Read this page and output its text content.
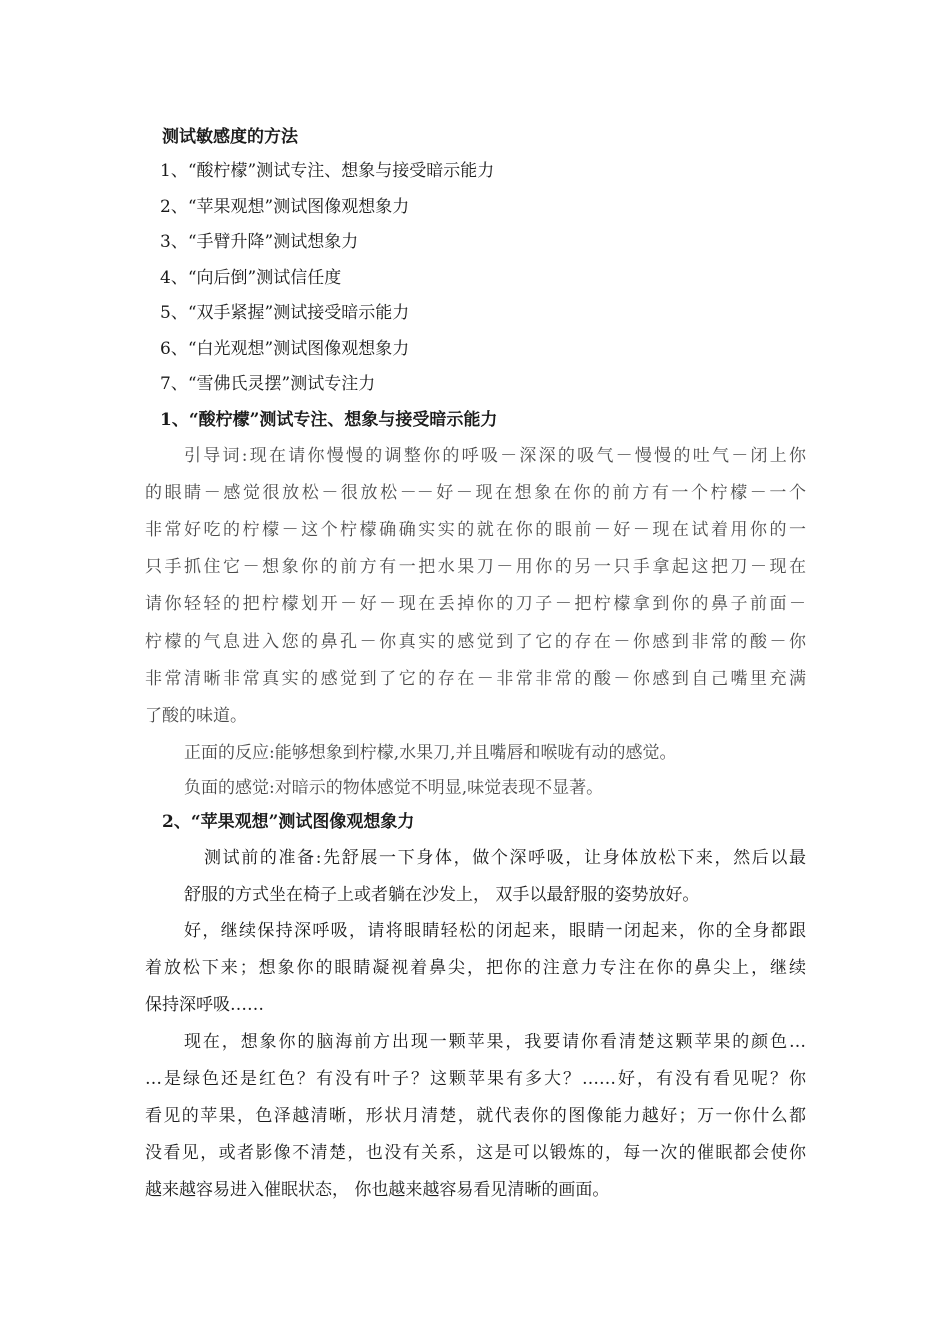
测试敏感度的方法
1、“酸柠檬”测试专注、想象与接受暗示能力
2、“苹果观想”测试图像观想象力
3、“手臂升降”测试想象力
4、“向后倒”测试信任度
5、“双手紧握”测试接受暗示能力
6、“白光观想”测试图像观想象力
7、“雪佛氏灵摆”测试专注力
1、“酸柠檬”测试专注、想象与接受暗示能力
引导词:现在请你慢慢的调整你的呼吸－深深的吸气－慢慢的吐气－闭上你
的眼睛－感觉很放松－很放松－－好－现在想象在你的前方有一个柠檬－一个
非常好吃的柠檬－这个柠檬确确实实的就在你的眼前－好－现在试着用你的一
只手抓住它－想象你的前方有一把水果刀－用你的另一只手拿起这把刀－现在
请你轻轻的把柠檬划开－好－现在丢掉你的刀子－把柠檬拿到你的鼻子前面－
柠檬的气息进入您的鼻孔－你真实的感觉到了它的存在－你感到非常的酸－你
非常清晰非常真实的感觉到了它的存在－非常非常的酸－你感到自己嘴里充满
了酸的味道。
正面的反应:能够想象到柠檬,水果刀,并且嘴唇和喉咙有动的感觉。
负面的感觉:对暗示的物体感觉不明显,味觉表现不显著。
2、“苹果观想”测试图像观想象力
测试前的准备:先舒展一下身体，做个深呼吸，让身体放松下来，然后以最
舒服的方式坐在椅子上或者躺在沙发上， 双手以最舒服的姿势放好。
好，继续保持深呼吸，请将眼睛轻松的闭起来，眼睛一闭起来，你的全身都跟
着放松下来；想象你的眼睛凝视着鼻尖，把你的注意力专注在你的鼻尖上，继续
保持深呼吸……
现在，想象你的脑海前方出现一颗苹果，我要请你看清楚这颗苹果的颜色…
…是绿色还是红色？有没有叶子？这颗苹果有多大？……好，有没有看见呢？你
看见的苹果，色泽越清晰，形状月清楚，就代表你的图像能力越好；万一你什么都
没看见，或者影像不清楚，也没有关系，这是可以锻炼的，每一次的催眠都会使你
越来越容易进入催眠状态， 你也越来越容易看见清晰的画面。
